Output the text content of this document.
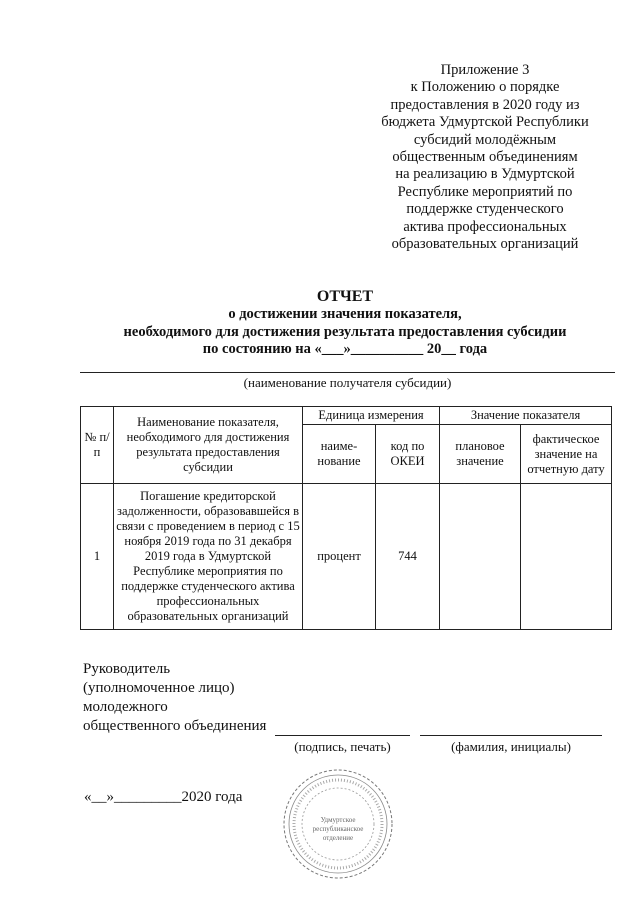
Приложение 3
к Положению о порядке
предоставления в 2020 году из
бюджета Удмуртской Республики
субсидий молодёжным
общественным объединениям
на реализацию в Удмуртской
Республике мероприятий по
поддержке студенческого
актива профессиональных
образовательных организаций
ОТЧЕТ
о достижении значения показателя,
необходимого для достижения результата предоставления субсидии
по состоянию на «___»__________ 20__ года
(наименование получателя субсидии)
№ п/п	Наименование показателя, необходимого для достижения результата предоставления субсидии	Единица измерения		Значение показателя	
		наиме-нование	код по ОКЕИ	плановое значение	фактическое значение на отчетную дату
1	Погашение кредиторской задолженности, образовавшейся в связи с проведением в период с 15 ноября 2019 года по 31 декабря 2019 года в Удмуртской Республике мероприятия по поддержке студенческого актива профессиональных образовательных организаций	процент	744		
Руководитель
(уполномоченное лицо)
молодежного
общественного объединения
(подпись, печать)	(фамилия, инициалы)
«__»_________2020 года
Удмуртское
республиканское
отделение
